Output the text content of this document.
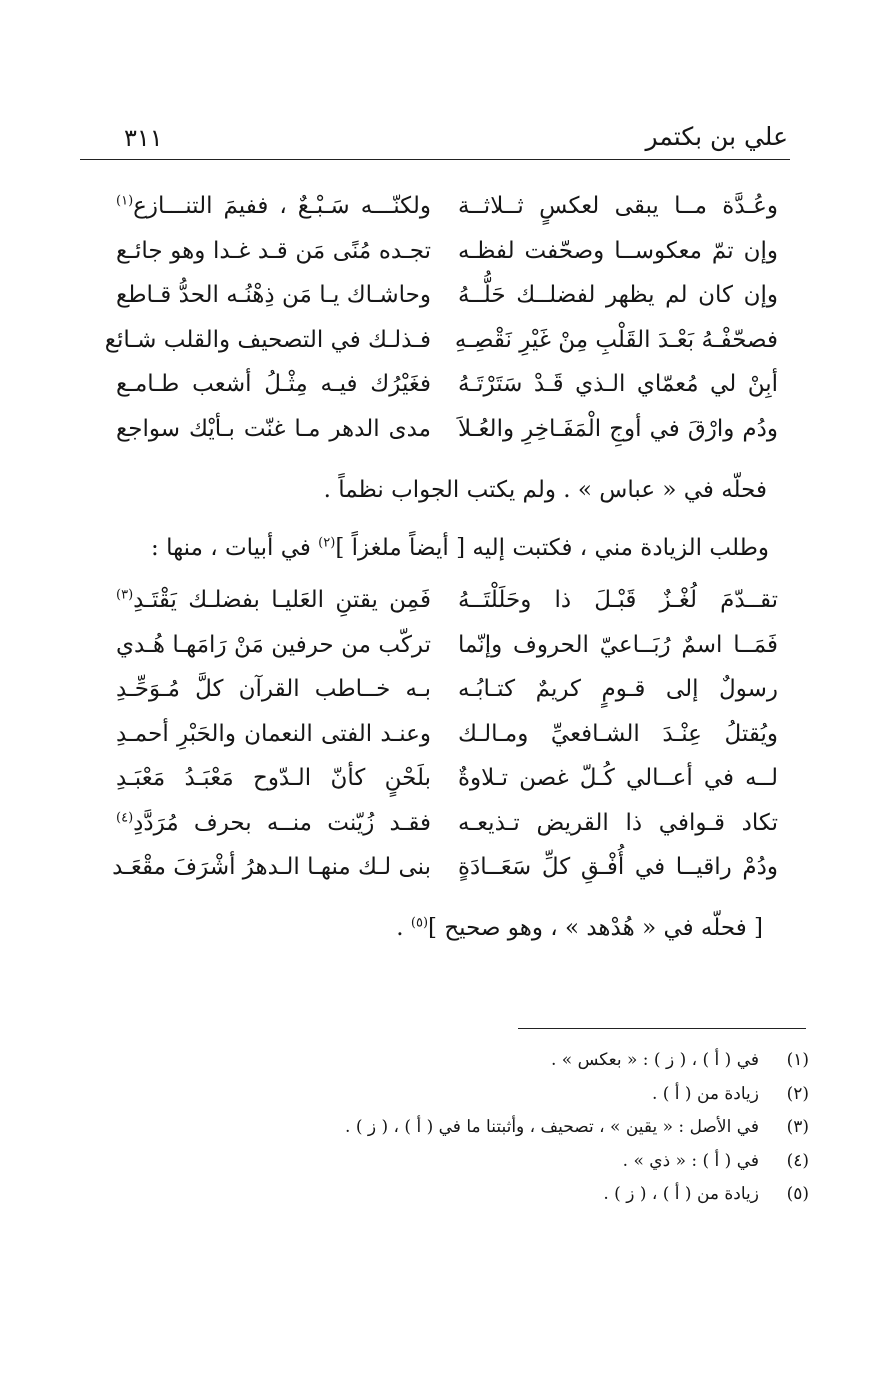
علي بن بكتمر
٣١١
وعُـدَّة مــا يبقى لعكسٍ ثــلاثــة
ولكنّـــه سَـبْـعٌ ، ففيمَ التنـــازع$^{(١)}$
وإن تمّ معكوســا وصحّفت لفظـه
تجـده مُنًى مَن قـد غـدا وهو جائـع
وإن كان لم يظهر لفضلــك حَلُّــهُ
وحاشـاك يـا مَن ذِهْنُـه الحدُّ قـاطع
فصحّفْـهُ بَعْـدَ القَلْبِ مِنْ غَيْرِ نَقْصِـهِ
فـذلـك في التصحيف والقلب شـائع
أبِنْ لي مُعمّاي الـذي قَـدْ سَتَرْتَـهُ
فغَيْرُك فيـه مِثْـلُ أشعب طـامـع
ودُم وارْقَ في أوجِ الْمَفَـاخِرِ والعُـلاَ
مدى الدهر مـا غنّت بـأيْك سواجع
فحلّه في « عباس » . ولم يكتب الجواب نظماً .
وطلب الزيادة مني ، فكتبت إليه [ أيضاً ملغزاً ]$^{(٢)}$ في أبيات ، منها :
تقــدّمَ لُغْـزٌ قَبْـلَ ذا وحَلَلْتَــهُ
فَمِن يقتنِ العَليـا بفضلـك يَقْتَـدِ$^{(٣)}$
فَمَــا اسمٌ رُبَــاعيّ الحروف وإنّما
تركّب من حرفين مَنْ رَامَهـا هُـدي
رسولٌ إلى قـومٍ كريمٌ كتـابُـه
بـه خــاطب القرآن كلَّ مُـوَحِّـدِ
ويُقتلُ عِنْـدَ الشـافعيِّ ومـالـك
وعنـد الفتى النعمان والحَبْرِ أحمـدِ
لــه في أعــالي كُـلّ غصن تـلاوةٌ
بلَحْنٍ كأنّ الـدّوح مَعْبَـدُ مَعْبَـدِ
تكاد قـوافي ذا القريض تـذيعـه
فقـد زُيّنت منــه بحرف مُرَدَّدِ$^{(٤)}$
ودُمْ راقيــا في أُفْـقِ كلِّ سَعَــادَةٍ
بنى لـك منهـا الـدهرُ أشْرَفَ مقْعَـد
[ فحلّه في « هُدْهد » ، وهو صحيح ]$^{(٥)}$ .
(١)
في ( أ ) ، ( ز ) : « بعكس » .
(٢)
زيادة من ( أ ) .
(٣)
في الأصل : « يقين » ، تصحيف ، وأثبتنا ما في ( أ ) ، ( ز ) .
(٤)
في ( أ ) : « ذي » .
(٥)
زيادة من ( أ ) ، ( ز ) .
